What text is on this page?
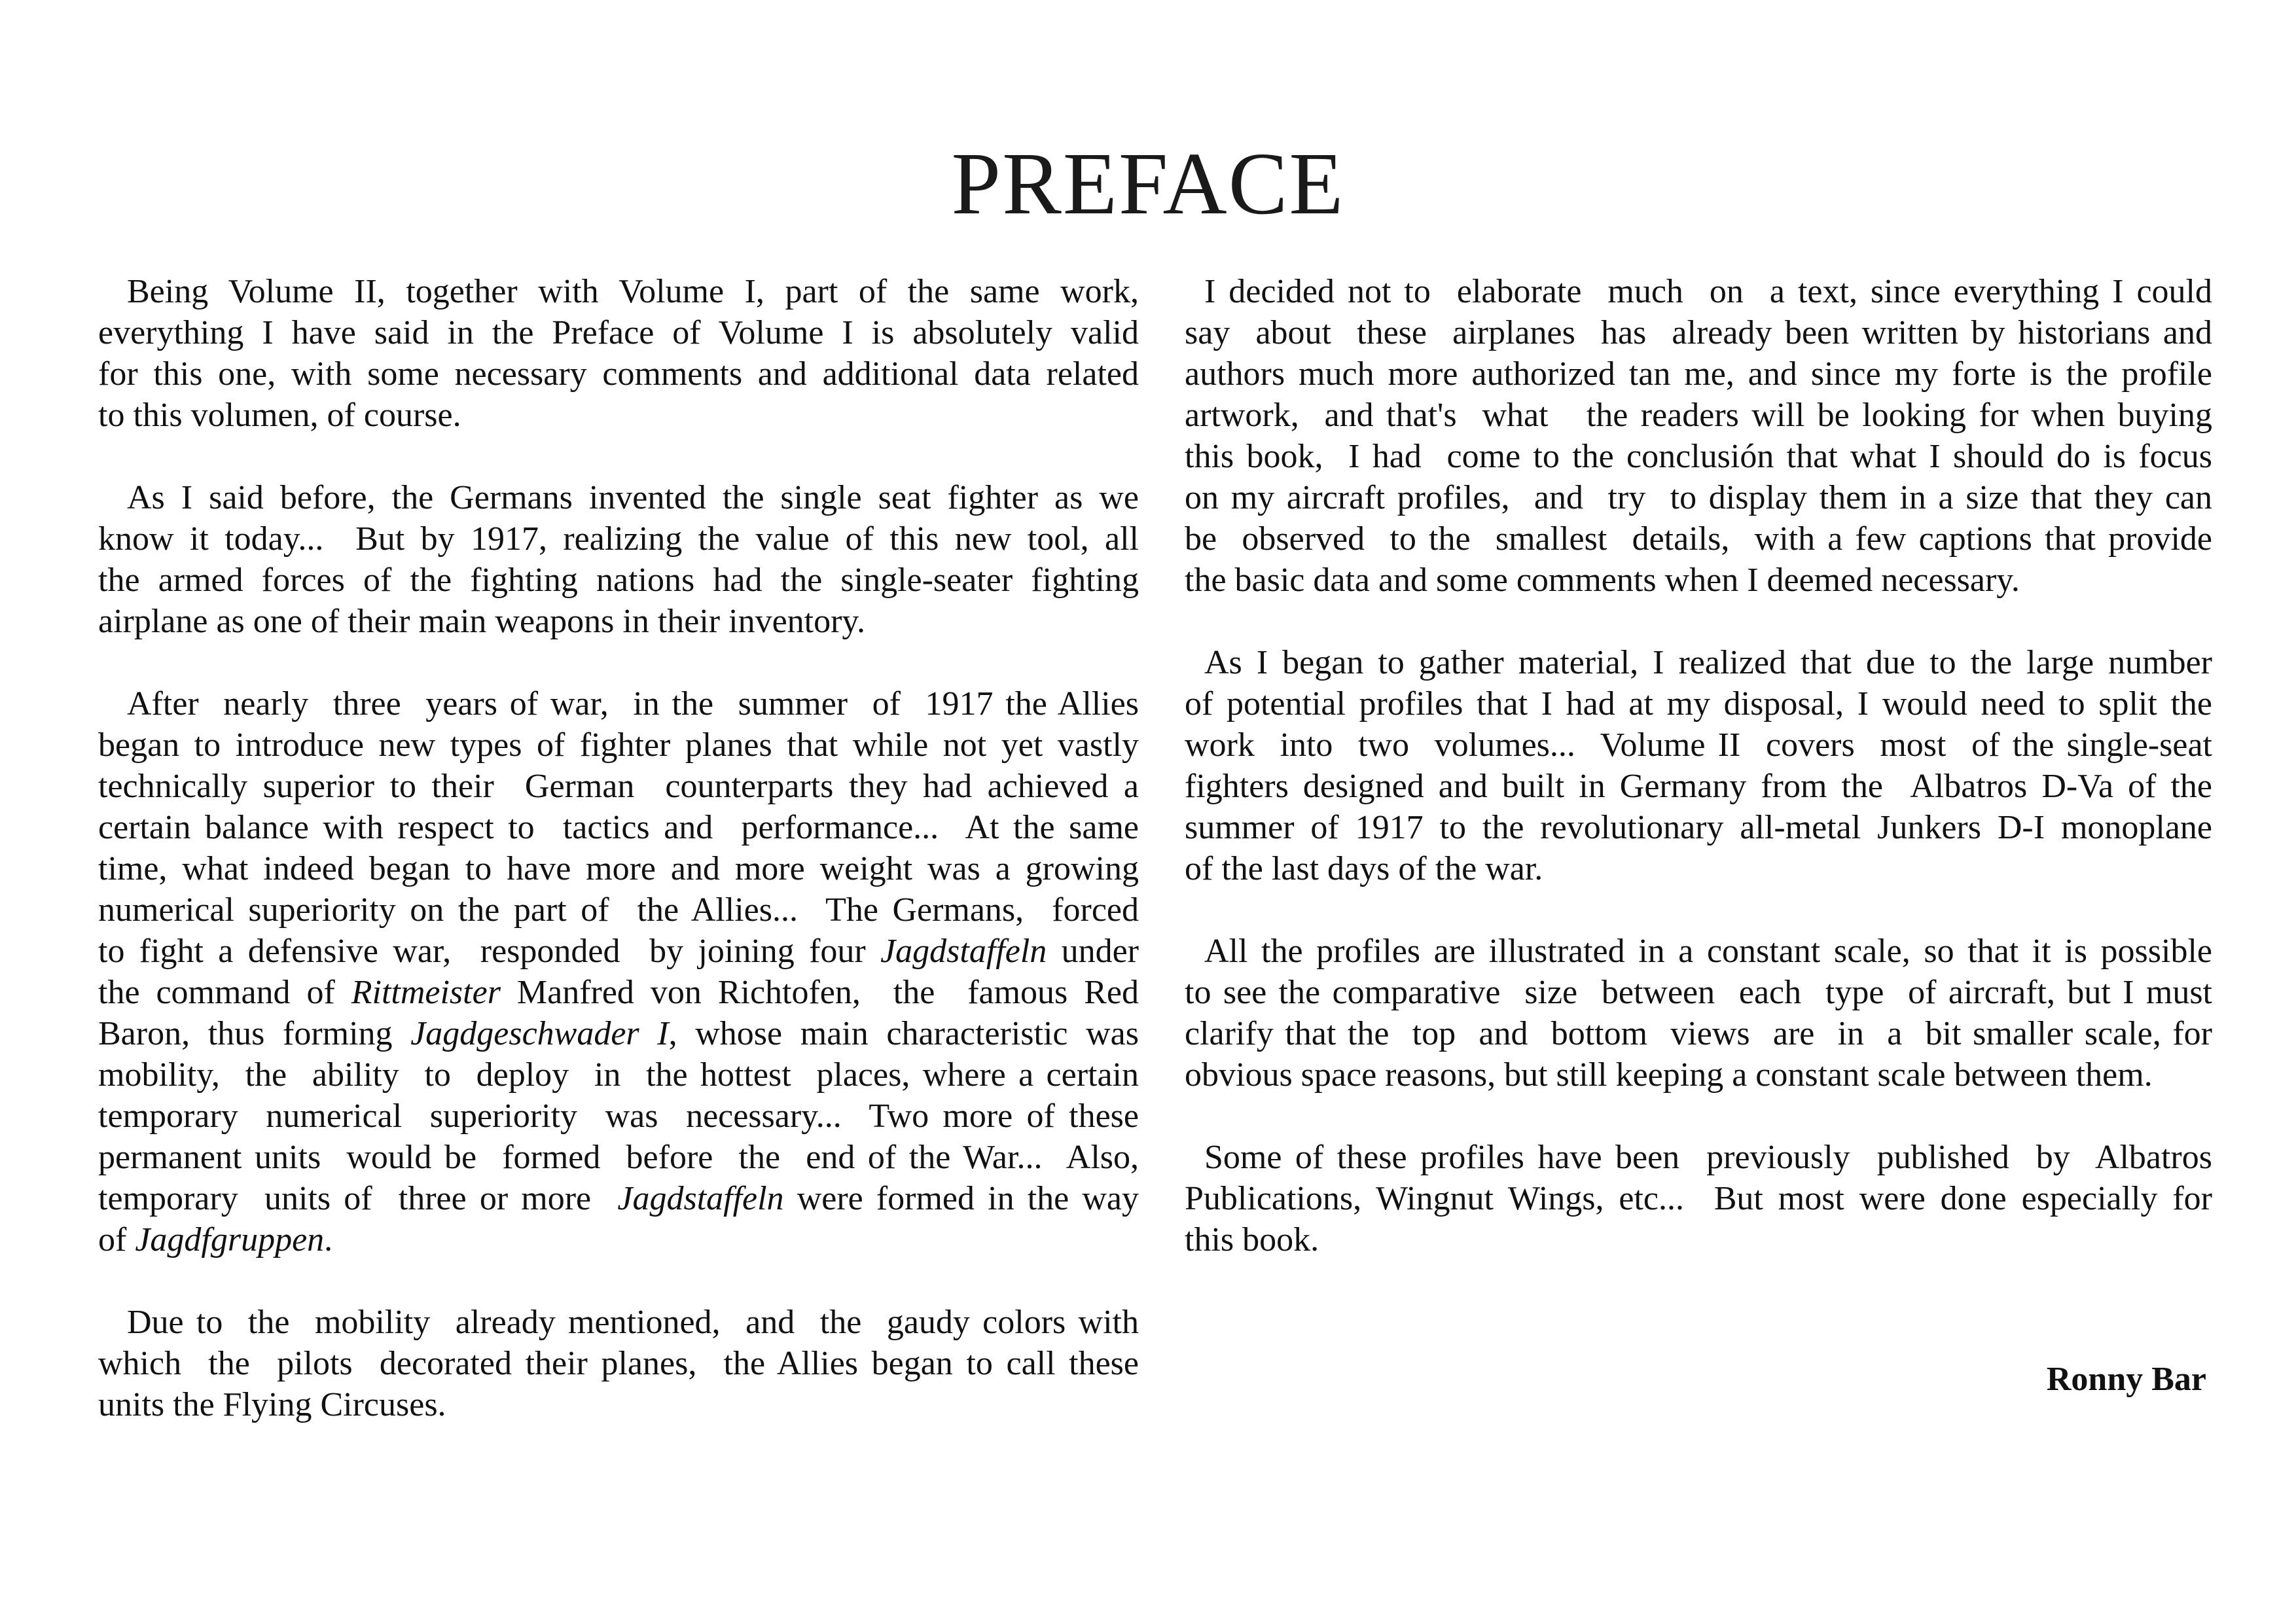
PREFACE
Being Volume II, together with Volume I, part of the same work,
everything I have said in the Preface of Volume I is absolutely valid
for this one, with some necessary comments and additional data related
to this volumen, of course.
As I said before, the Germans invented the single seat fighter as we
know it today...  But by 1917, realizing the value of this new tool, all
the armed forces of the fighting nations had the single-seater fighting
airplane as one of their main weapons in their inventory.
After  nearly  three  years of war,  in the  summer  of  1917 the Allies
began to introduce new types of fighter planes that while not yet vastly
technically superior to their  German  counterparts they had achieved a
certain balance with respect to  tactics and  performance...  At the same
time, what indeed began to have more and more weight was a growing
numerical superiority on the part of  the Allies...  The Germans,  forced
to fight a defensive war,  responded  by joining four Jagdstaffeln under
the command of Rittmeister Manfred von Richtofen,  the  famous Red
Baron, thus forming Jagdgeschwader I, whose main characteristic was
mobility,  the  ability  to  deploy  in  the hottest  places, where a certain
temporary  numerical  superiority  was  necessary...  Two more of these
permanent units  would be  formed  before  the  end of the War...  Also,
temporary  units of  three or more  Jagdstaffeln were formed in the way
of Jagdfgruppen.
Due to  the  mobility  already mentioned,  and  the  gaudy colors with
which  the  pilots  decorated their planes,  the Allies began to call these
units the Flying Circuses.
I decided not to  elaborate  much  on  a text, since everything I could
say  about  these  airplanes  has  already been written by historians and
authors much more authorized tan me, and since my forte is the profile
artwork,  and that's  what   the readers will be looking for when buying
this book,  I had  come to the conclusión that what I should do is focus
on my aircraft profiles,  and  try  to display them in a size that they can
be  observed  to the  smallest  details,  with a few captions that provide
the basic data and some comments when I deemed necessary.
As I began to gather material, I realized that due to the large number
of potential profiles that I had at my disposal, I would need to split the
work  into  two  volumes...  Volume II  covers  most  of the single-seat
fighters designed and built in Germany from the  Albatros D-Va of the
summer of 1917 to the revolutionary all-metal Junkers D-I monoplane
of the last days of the war.
All the profiles are illustrated in a constant scale, so that it is possible
to see the comparative  size  between  each  type  of aircraft, but I must
clarify that the  top  and  bottom  views  are  in  a  bit smaller scale, for
obvious space reasons, but still keeping a constant scale between them.
Some of these profiles have been  previously  published  by  Albatros
Publications, Wingnut Wings, etc...  But most were done especially for
this book.
Ronny Bar
